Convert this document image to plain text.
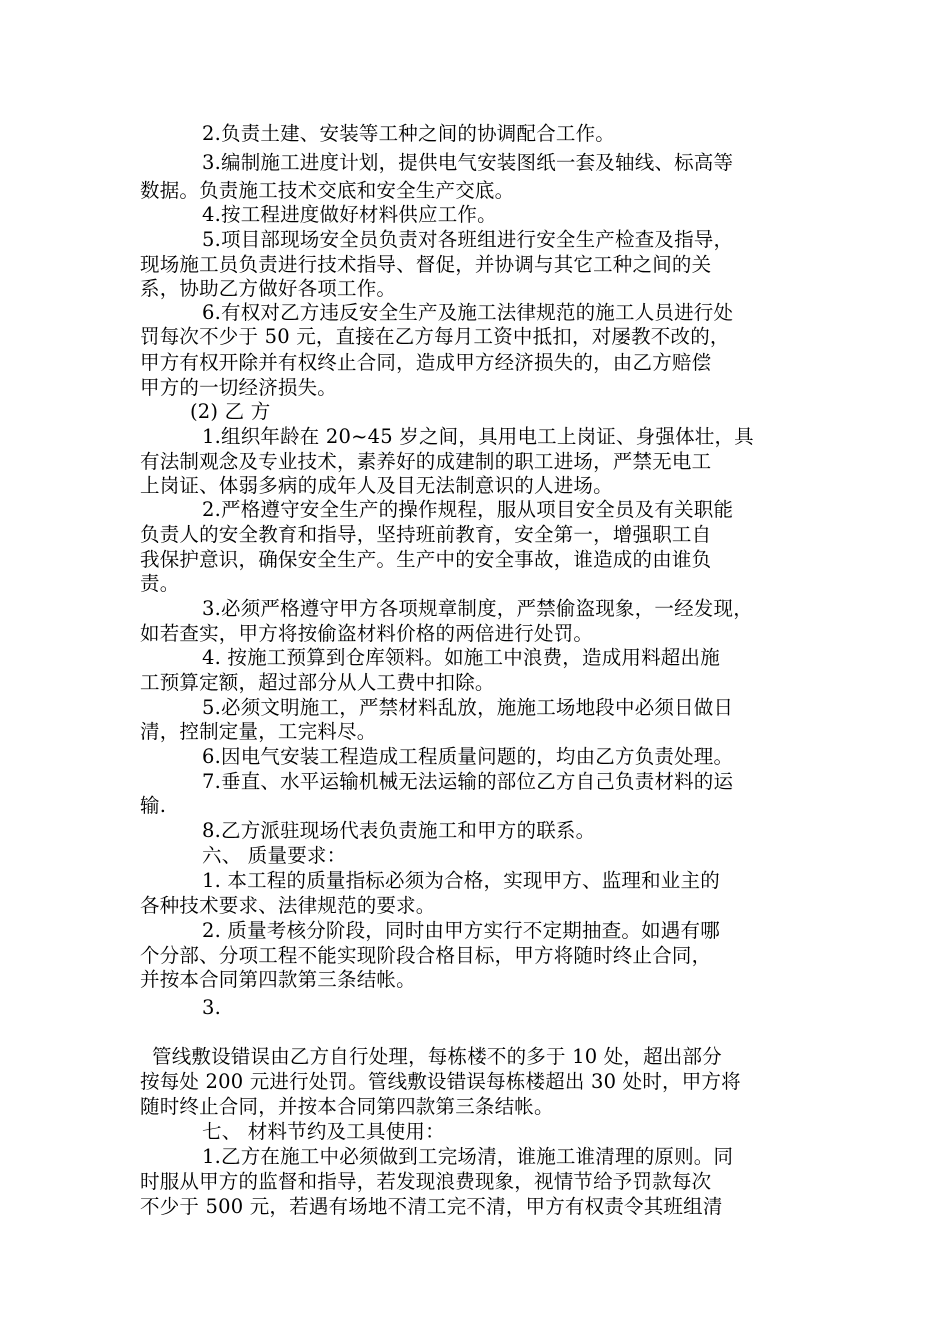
2.负责土建、安装等工种之间的协调配合工作。

3.编制施工进度计划，提供电气安装图纸一套及轴线、标高等

数据。负责施工技术交底和安全生产交底。

4.按工程进度做好材料供应工作。

5.项目部现场安全员负责对各班组进行安全生产检查及指导，

现场施工员负责进行技术指导、督促，并协调与其它工种之间的关

系，协助乙方做好各项工作。

6.有权对乙方违反安全生产及施工法律规范的施工人员进行处

罚每次不少于 50 元，直接在乙方每月工资中抵扣，对屡教不改的，

甲方有权开除并有权终止合同，造成甲方经济损失的，由乙方赔偿

甲方的一切经济损失。

(2) 乙 方

1.组织年龄在 20~45 岁之间，具用电工上岗证、身强体壮，具

有法制观念及专业技术，素养好的成建制的职工进场，严禁无电工

上岗证、体弱多病的成年人及目无法制意识的人进场。

2.严格遵守安全生产的操作规程，服从项目安全员及有关职能

负责人的安全教育和指导，坚持班前教育，安全第一，增强职工自

我保护意识，确保安全生产。生产中的安全事故，谁造成的由谁负

责。

3.必须严格遵守甲方各项规章制度，严禁偷盗现象，一经发现，

如若查实，甲方将按偷盗材料价格的两倍进行处罚。

4. 按施工预算到仓库领料。如施工中浪费，造成用料超出施

工预算定额，超过部分从人工费中扣除。

5.必须文明施工，严禁材料乱放，施施工场地段中必须日做日

清，控制定量，工完料尽。

6.因电气安装工程造成工程质量问题的，均由乙方负责处理。

7.垂直、水平运输机械无法运输的部位乙方自己负责材料的运

输.

8.乙方派驻现场代表负责施工和甲方的联系。

六、 质量要求：

1. 本工程的质量指标必须为合格，实现甲方、监理和业主的

各种技术要求、法律规范的要求。

2. 质量考核分阶段，同时由甲方实行不定期抽查。如遇有哪

个分部、分项工程不能实现阶段合格目标，甲方将随时终止合同，

并按本合同第四款第三条结帐。

3.

管线敷设错误由乙方自行处理，每栋楼不的多于 10 处，超出部分

按每处 200 元进行处罚。管线敷设错误每栋楼超出 30 处时，甲方将

随时终止合同，并按本合同第四款第三条结帐。

七、 材料节约及工具使用：

1.乙方在施工中必须做到工完场清，谁施工谁清理的原则。同

时服从甲方的监督和指导，若发现浪费现象，视情节给予罚款每次

不少于 500 元，若遇有场地不清工完不清，甲方有权责令其班组清
